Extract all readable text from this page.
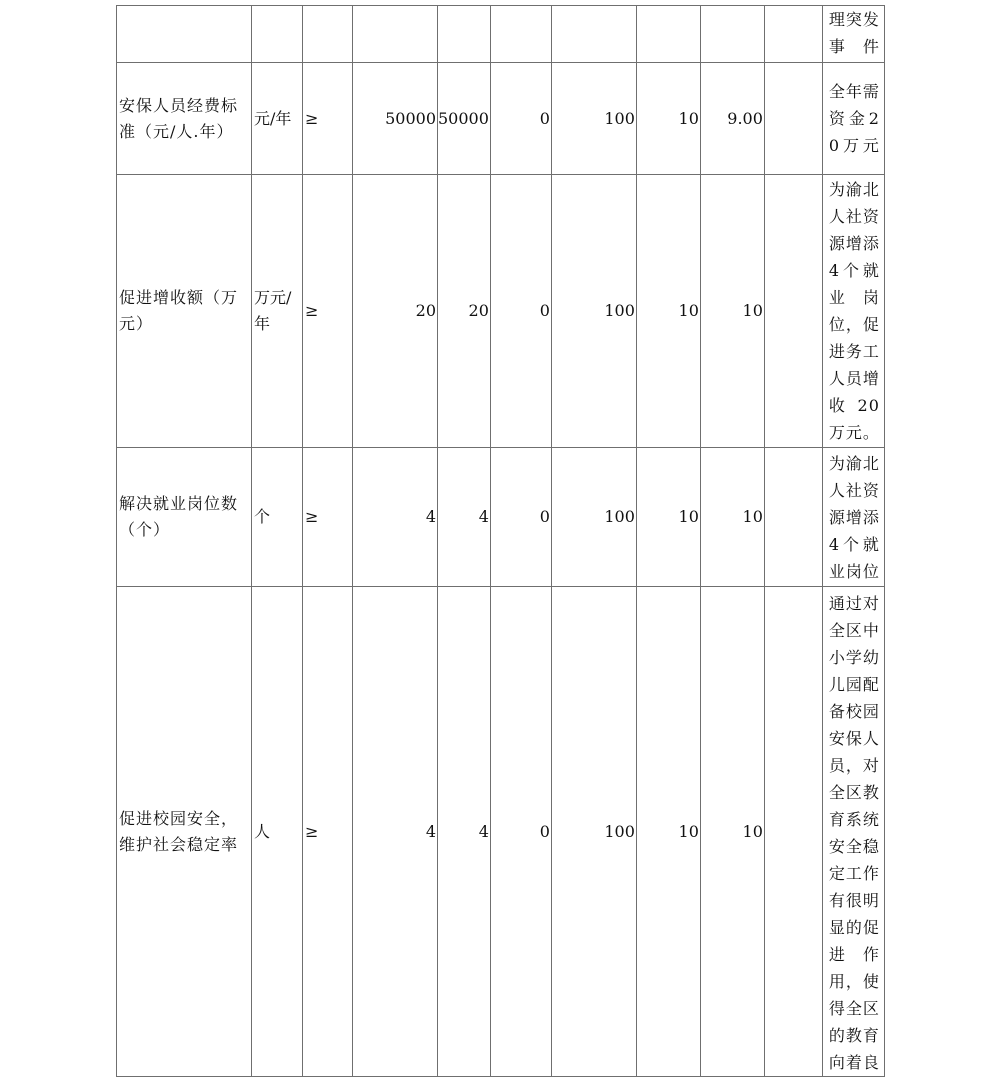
										理突发事件
安保人员经费标准（元/人.年）	元/年	≥	50000	50000	0	100	10	9.00		全年需资金20万元
促进增收额（万元）	万元/年	≥	20	20	0	100	10	10		为渝北人社资源增添4个就业岗位，促进务工人员增收20万元。
解决就业岗位数（个）	个	≥	4	4	0	100	10	10		为渝北人社资源增添4个就业岗位
促进校园安全，维护社会稳定率	人	≥	4	4	0	100	10	10		通过对全区中小学幼儿园配备校园安保人员，对全区教育系统安全稳定工作有很明显的促进作用，使得全区的教育向着良
